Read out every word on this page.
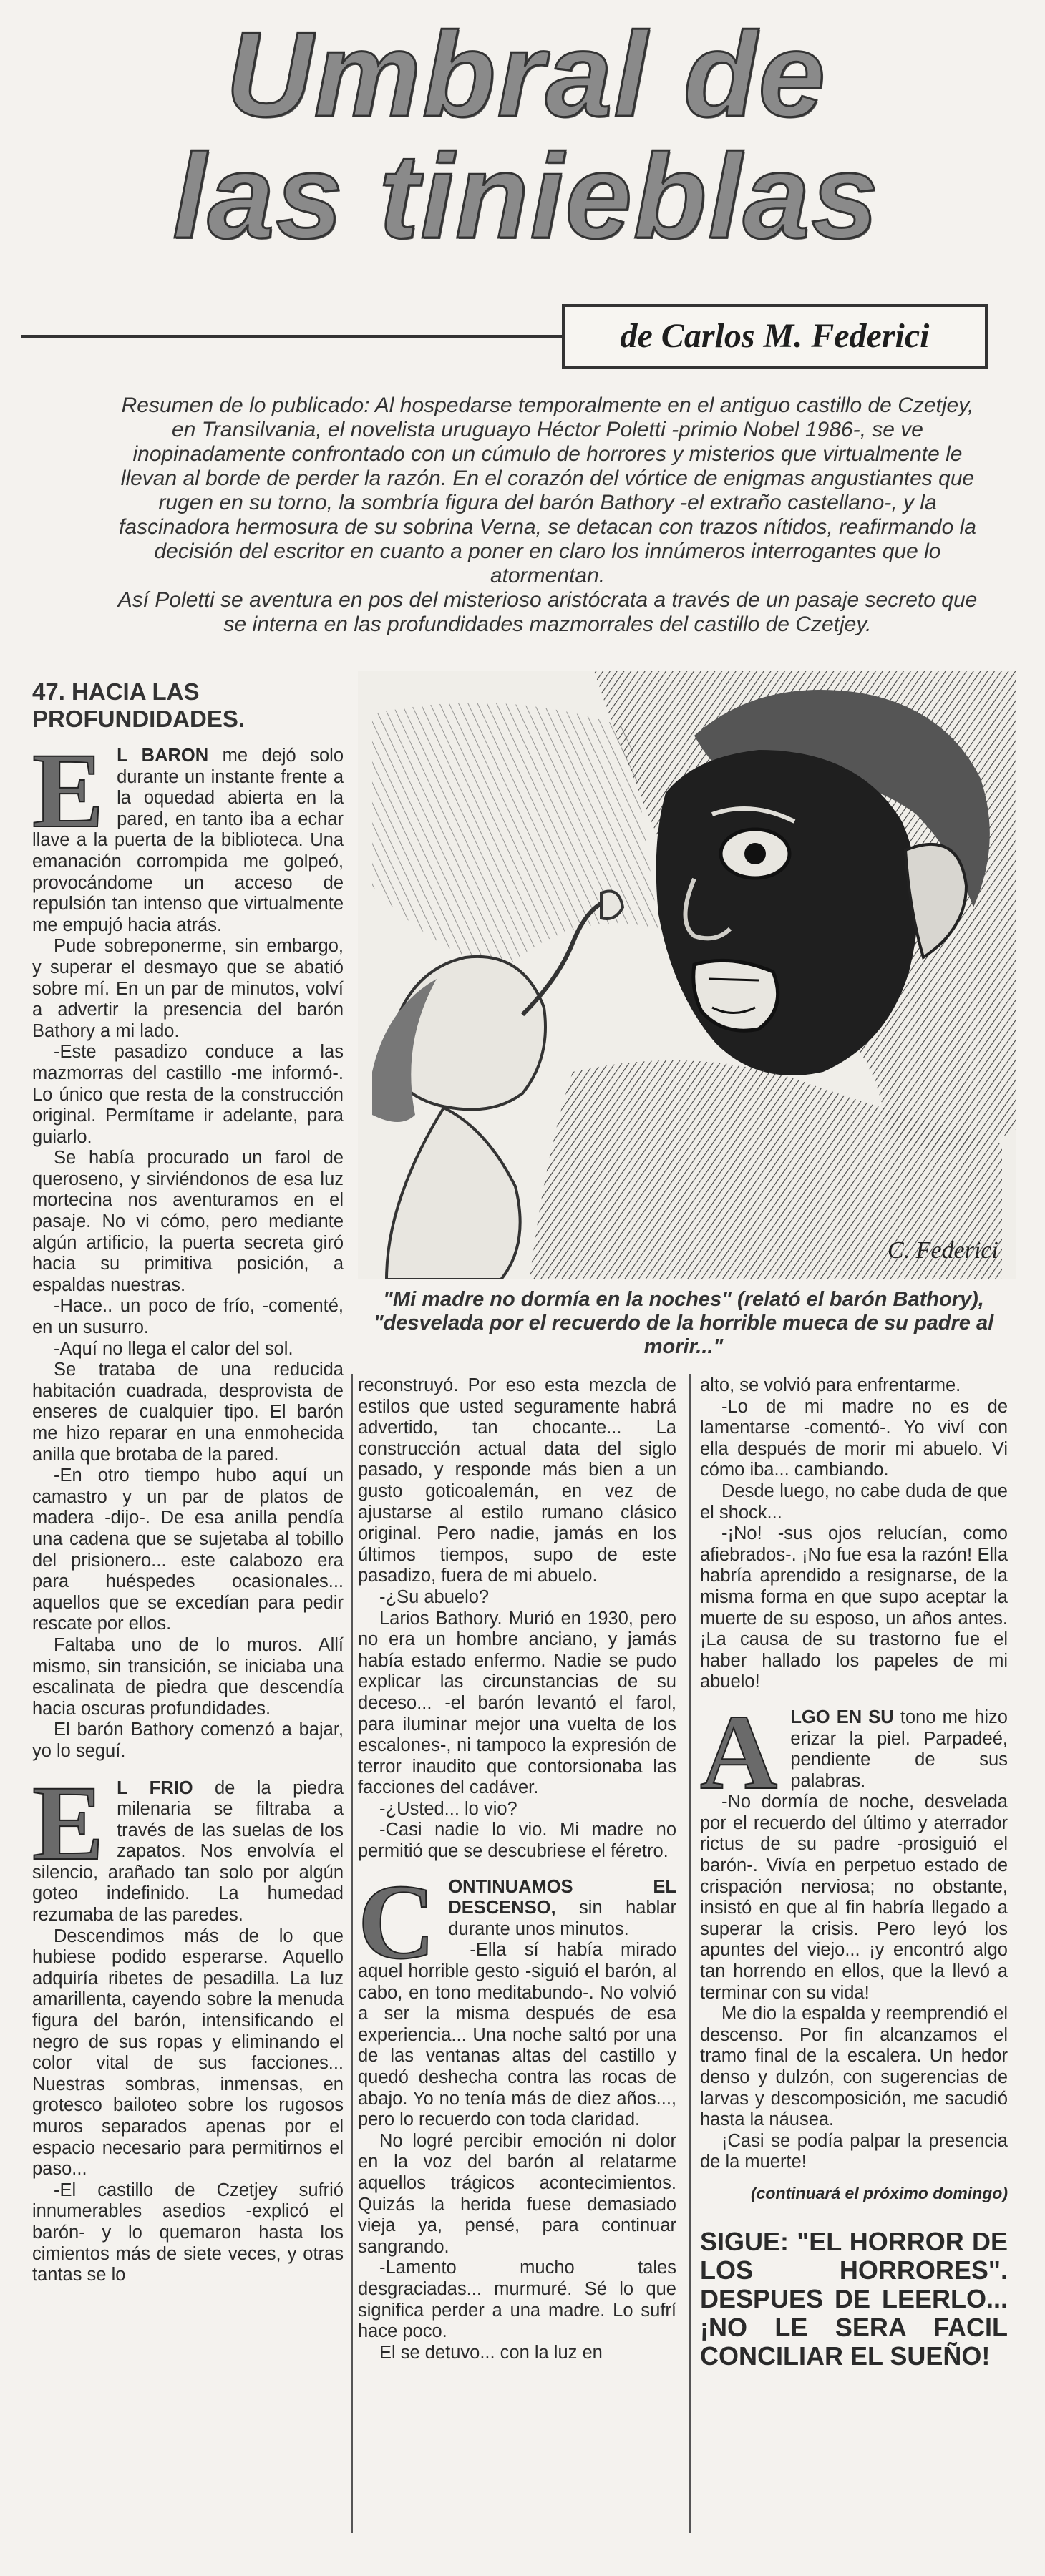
Umbral de
las tinieblas
de Carlos M. Federici
Resumen de lo publicado: Al hospedarse temporalmente en el antiguo castillo de Czetjey, en Transilvania, el novelista uruguayo Héctor Poletti -primio Nobel 1986-, se ve inopinadamente confrontado con un cúmulo de horrores y misterios que virtualmente le llevan al borde de perder la razón. En el corazón del vórtice de enigmas angustiantes que rugen en su torno, la sombría figura del barón Bathory -el extraño castellano-, y la fascinadora hermosura de su sobrina Verna, se detacan con trazos nítidos, reafirmando la decisión del escritor en cuanto a poner en claro los innúmeros interrogantes que lo atormentan.
Así Poletti se aventura en pos del misterioso aristócrata a través de un pasaje secreto que se interna en las profundidades mazmorrales del castillo de Czetjey.
47. HACIA LAS PROFUNDIDADES.
C. Federici
"Mi madre no dormía en la noches" (relató el barón Bathory), "desvelada por el recuerdo de la horrible mueca de su padre al morir..."

E L BARON me dejó solo durante un instante frente a la oquedad abierta en la pared, en tanto iba a echar llave a la puerta de la biblioteca. Una emanación corrompida me golpeó, provocándome un acceso de repulsión tan intenso que virtualmente me empujó hacia atrás.

Pude sobreponerme, sin embargo, y superar el desmayo que se abatió sobre mí. En un par de minutos, volví a advertir la presencia del barón Bathory a mi lado.

-Este pasadizo conduce a las mazmorras del castillo -me informó-. Lo único que resta de la construcción original. Permítame ir adelante, para guiarlo.

Se había procurado un farol de queroseno, y sirviéndonos de esa luz mortecina nos aventuramos en el pasaje. No vi cómo, pero mediante algún artificio, la puerta secreta giró hacia su primitiva posición, a espaldas nuestras.

-Hace.. un poco de frío, -comenté, en un susurro.

-Aquí no llega el calor del sol.

Se trataba de una reducida habitación cuadrada, desprovista de enseres de cualquier tipo. El barón me hizo reparar en una enmohecida anilla que brotaba de la pared.

-En otro tiempo hubo aquí un camastro y un par de platos de madera -dijo-. De esa anilla pendía una cadena que se sujetaba al tobillo del prisionero... este calabozo era para huéspedes ocasionales... aquellos que se excedían para pedir rescate por ellos.

Faltaba uno de lo muros. Allí mismo, sin transición, se iniciaba una escalinata de piedra que descendía hacia oscuras profundidades.

El barón Bathory comenzó a bajar, yo lo seguí.

E L FRIO de la piedra milenaria se filtraba a través de las suelas de los zapatos. Nos envolvía el silencio, arañado tan solo por algún goteo indefinido. La humedad rezumaba de las paredes.

Descendimos más de lo que hubiese podido esperarse. Aquello adquiría ribetes de pesadilla. La luz amarillenta, cayendo sobre la menuda figura del barón, intensificando el negro de sus ropas y eliminando el color vital de sus facciones... Nuestras sombras, inmensas, en grotesco bailoteo sobre los rugosos muros separados apenas por el espacio necesario para permitirnos el paso...

-El castillo de Czetjey sufrió innumerables asedios -explicó el barón- y lo quemaron hasta los cimientos más de siete veces, y otras tantas se lo

reconstruyó. Por eso esta mezcla de estilos que usted seguramente habrá advertido, tan chocante... La construcción actual data del siglo pasado, y responde más bien a un gusto goticoalemán, en vez de ajustarse al estilo rumano clásico original. Pero nadie, jamás en los últimos tiempos, supo de este pasadizo, fuera de mi abuelo.

-¿Su abuelo?

Larios Bathory. Murió en 1930, pero no era un hombre anciano, y jamás había estado enfermo. Nadie se pudo explicar las circunstancias de su deceso... -el barón levantó el farol, para iluminar mejor una vuelta de los escalones-, ni tampoco la expresión de terror inaudito que contorsionaba las facciones del cadáver.

-¿Usted... lo vio?

-Casi nadie lo vio. Mi madre no permitió que se descubriese el féretro.

CONTINUAMOS EL DESCENSO, sin hablar durante unos minutos.

-Ella sí había mirado aquel horrible gesto -siguió el barón, al cabo, en tono meditabundo-. No volvió a ser la misma después de esa experiencia... Una noche saltó por una de las ventanas altas del castillo y quedó deshecha contra las rocas de abajo. Yo no tenía más de diez años..., pero lo recuerdo con toda claridad.

No logré percibir emoción ni dolor en la voz del barón al relatarme aquellos trágicos acontecimientos. Quizás la herida fuese demasiado vieja ya, pensé, para continuar sangrando.

-Lamento mucho tales desgraciadas... murmuré. Sé lo que significa perder a una madre. Lo sufrí hace poco.

El se detuvo... con la luz en

alto, se volvió para enfrentarme.

-Lo de mi madre no es de lamentarse -comentó-. Yo viví con ella después de morir mi abuelo. Vi cómo iba... cambiando.

Desde luego, no cabe duda de que el shock...

-¡No! -sus ojos relucían, como afiebrados-. ¡No fue esa la razón! Ella habría aprendido a resignarse, de la misma forma en que supo aceptar la muerte de su esposo, un años antes. ¡La causa de su trastorno fue el haber hallado los papeles de mi abuelo!

ALGO EN SU tono me hizo erizar la piel. Parpadeé, pendiente de sus palabras.

-No dormía de noche, desvelada por el recuerdo del último y aterrador rictus de su padre -prosiguió el barón-. Vivía en perpetuo estado de crispación nerviosa; no obstante, insistó en que al fin habría llegado a superar la crisis. Pero leyó los apuntes del viejo... ¡y encontró algo tan horrendo en ellos, que la llevó a terminar con su vida!

Me dio la espalda y reemprendió el descenso. Por fin alcanzamos el tramo final de la escalera. Un hedor denso y dulzón, con sugerencias de larvas y descomposición, me sacudió hasta la náusea.

¡Casi se podía palpar la presencia de la muerte!

(continuará el próximo domingo)

SIGUE: "EL HORROR DE LOS HORRORES". DESPUES DE LEERLO... ¡NO LE SERA FACIL CONCILIAR EL SUEÑO!
